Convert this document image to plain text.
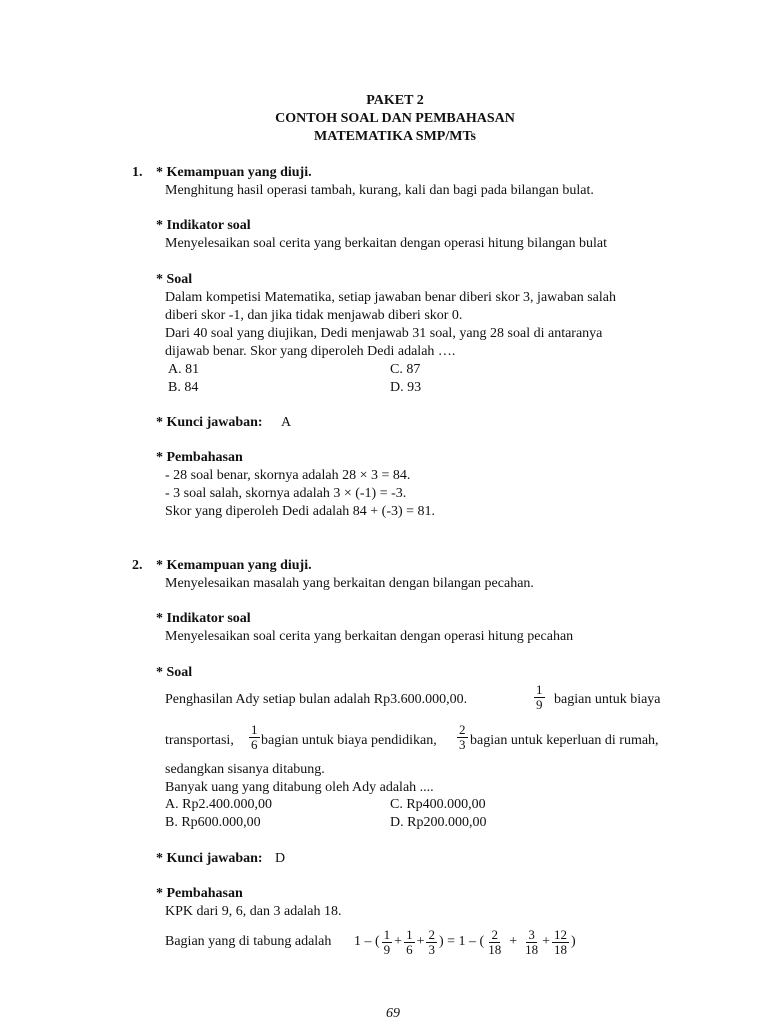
PAKET 2
CONTOH SOAL DAN PEMBAHASAN
MATEMATIKA SMP/MTs
1. * Kemampuan yang diuji.
Menghitung hasil operasi tambah, kurang, kali dan bagi pada bilangan bulat.
* Indikator soal
Menyelesaikan soal cerita yang berkaitan dengan operasi hitung bilangan bulat
* Soal
Dalam kompetisi Matematika, setiap jawaban benar diberi skor 3, jawaban salah
diberi skor -1, dan jika tidak menjawab diberi skor 0.
Dari 40 soal yang diujikan, Dedi menjawab 31 soal, yang 28 soal di antaranya
dijawab benar. Skor yang diperoleh Dedi adalah ….
A. 81	C. 87
B. 84	D. 93
* Kunci jawaban: A
* Pembahasan
- 28 soal benar, skornya adalah 28 × 3 = 84.
- 3 soal salah, skornya adalah 3 × (-1) = -3.
Skor yang diperoleh Dedi adalah 84 + (-3) = 81.
2. * Kemampuan yang diuji.
Menyelesaikan masalah yang berkaitan dengan bilangan pecahan.
* Indikator soal
Menyelesaikan soal cerita yang berkaitan dengan operasi hitung pecahan
* Soal
Penghasilan Ady setiap bulan adalah Rp3.600.000,00.	$\frac{1}{9}$ bagian untuk biaya
transportasi, $\frac{1}{6}$ bagian untuk biaya pendidikan, $\frac{2}{3}$ bagian untuk keperluan di rumah,
sedangkan sisanya ditabung.
Banyak uang yang ditabung oleh Ady adalah ....
A. Rp2.400.000,00	C. Rp400.000,00
B. Rp600.000,00	D. Rp200.000,00
* Kunci jawaban: D
* Pembahasan
KPK dari 9, 6, dan 3 adalah 18.
Bagian yang di tabung adalah 1 – ( $\frac{1}{9} + \frac{1}{6} + \frac{2}{3}$ ) = 1 – ( $\frac{2}{18} + \frac{3}{18} + \frac{12}{18}$ )
69
